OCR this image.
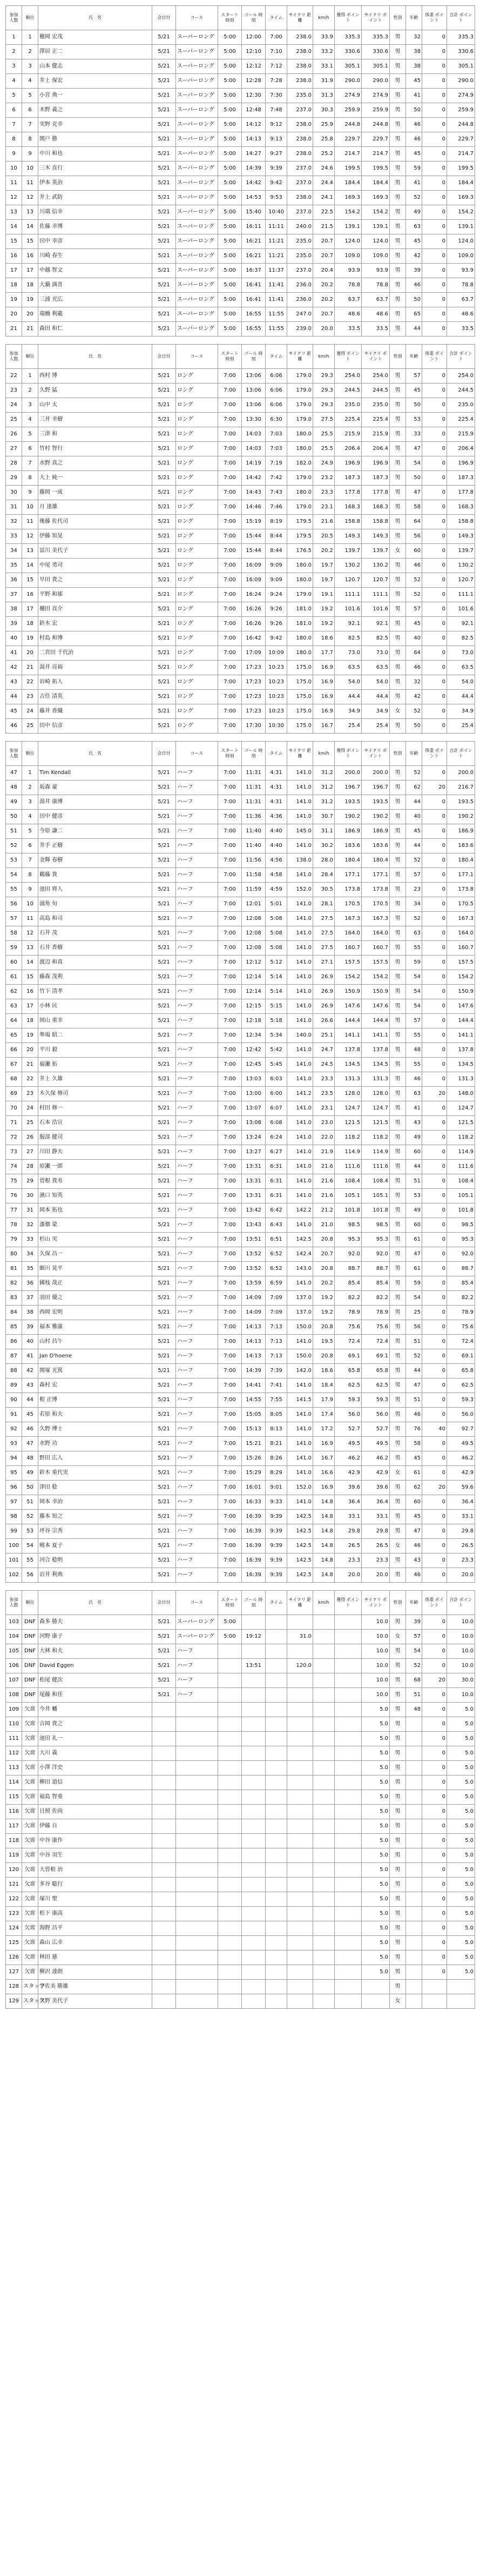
参加 人数	順位	氏　名	会日付	コース	スタート 時刻	ゴール 時刻	タイム	サイクリ 距離	km/h	獲得 ポイント	サイクリ ポイント	性別	年齢	体重 ポイント	合計 ポイント
1	1	穂岡 宏茂	5/21	スーパーロング	5:00	12:00	7:00	238.0	33.9	335.3	335.3	男	32	0	335.3
2	2	澤居 正二	5/21	スーパーロング	5:00	12:10	7:10	238.0	33.2	330.6	330.6	男	38	0	330.6
3	3	山本 健志	5/21	スーパーロング	5:00	12:12	7:12	238.0	33.1	305.1	305.1	男	38	0	305.1
4	4	井上 保宏	5/21	スーパーロング	5:00	12:28	7:28	238.0	31.9	290.0	290.0	男	45	0	290.0
5	5	小宮 典一	5/21	スーパーロング	5:00	12:30	7:30	235.0	31.3	274.9	274.9	男	41	0	274.9
6	6	木野 義之	5/21	スーパーロング	5:00	12:48	7:48	237.0	30.3	259.9	259.9	男	50	0	259.9
7	7	実野 克幸	5/21	スーパーロング	5:00	14:12	9:12	238.0	25.9	244.8	244.8	男	46	0	244.8
8	8	関戸 勝	5/21	スーパーロング	5:00	14:13	9:13	238.0	25.8	229.7	229.7	男	46	0	229.7
9	9	中川 和也	5/21	スーパーロング	5:00	14:27	9:27	238.0	25.2	214.7	214.7	男	45	0	214.7
10	10	三木 直行	5/21	スーパーロング	5:00	14:39	9:39	237.0	24.6	199.5	199.5	男	59	0	199.5
11	11	伊本 英治	5/21	スーパーロング	5:00	14:42	9:42	237.0	24.4	184.4	184.4	男	41	0	184.4
12	12	井上 武防	5/21	スーパーロング	5:00	14:53	9:53	238.0	24.1	169.3	169.3	男	52	0	169.3
13	13	川端 信幸	5/21	スーパーロング	5:00	15:40	10:40	237.0	22.5	154.2	154.2	男	49	0	154.2
14	14	佐藤 幸博	5/21	スーパーロング	5:00	16:11	11:11	240.0	21.5	139.1	139.1	男	63	0	139.1
15	15	田中 幸彦	5/21	スーパーロング	5:00	16:21	11:21	235.0	20.7	124.0	124.0	男	45	0	124.0
16	16	川崎 春生	5/21	スーパーロング	5:00	16:21	11:21	235.0	20.7	109.0	109.0	男	42	0	109.0
17	17	中越 智文	5/21	スーパーロング	5:00	16:37	11:37	237.0	20.4	93.9	93.9	男	39	0	93.9
18	18	大鍋 満喜	5/21	スーパーロング	5:00	16:41	11:41	236.0	20.2	78.8	78.8	男	46	0	78.8
19	19	三浦 光広	5/21	スーパーロング	5:00	16:41	11:41	236.0	20.2	63.7	63.7	男	50	0	63.7
20	20	端橋 利載	5/21	スーパーロング	5:00	16:55	11:55	247.0	20.7	48.6	48.6	男	65	0	48.6
21	21	森田 和仁	5/21	スーパーロング	5:00	16:55	11:55	239.0	20.0	33.5	33.5	男	44	0	33.5
参加 人数	順位	氏　名	会日付	コース	スタート 時刻	ゴール 時刻	タイム	サイクリ 距離	km/h	獲得 ポイント	サイクリ ポイント	性別	年齢	体重 ポイント	合計 ポイント
22	1	西村 博	5/21	ロング	7:00	13:06	6:06	179.0	29.3	254.0	254.0	男	57	0	254.0
23	2	久野 猛	5/21	ロング	7:00	13:06	6:06	179.0	29.3	244.5	244.5	男	45	0	244.5
24	3	山中 太	5/21	ロング	7:00	13:06	6:06	179.0	29.3	235.0	235.0	男	50	0	235.0
25	4	三井 幸樹	5/21	ロング	7:00	13:30	6:30	179.0	27.5	225.4	225.4	男	53	0	225.4
26	5	三津 和	5/21	ロング	7:00	14:03	7:03	180.0	25.5	215.9	215.9	男	33	0	215.9
27	6	竹村 智行	5/21	ロング	7:00	14:03	7:03	180.0	25.5	206.4	206.4	男	47	0	206.4
28	7	水野 真之	5/21	ロング	7:00	14:19	7:19	182.0	24.9	196.9	196.9	男	54	0	196.9
29	8	大上 純一	5/21	ロング	7:00	14:42	7:42	179.0	23.2	187.3	187.3	男	50	0	187.3
30	9	藤岡 一成	5/21	ロング	7:00	14:43	7:43	180.0	23.3	177.8	177.8	男	47	0	177.8
31	10	月 達雄	5/21	ロング	7:00	14:46	7:46	179.0	23.1	168.3	168.3	男	58	0	168.3
32	11	後藤 佐代司	5/21	ロング	7:00	15:19	8:19	179.5	21.6	158.8	158.8	男	64	0	158.8
33	12	伊藤 知晃	5/21	ロング	7:00	15:44	8:44	179.5	20.5	149.3	149.3	男	56	0	149.3
34	13	冨川 美代子	5/21	ロング	7:00	15:44	8:44	176.5	20.2	139.7	139.7	女	60	0	139.7
35	14	中尾 勇司	5/21	ロング	7:00	16:09	9:09	180.0	19.7	130.2	130.2	男	46	0	130.2
36	15	早田 貴之	5/21	ロング	7:00	16:09	9:09	180.0	19.7	120.7	120.7	男	52	0	120.7
37	16	平野 和郁	5/21	ロング	7:00	16:24	9:24	179.0	19.1	111.1	111.1	男	52	0	111.1
38	17	樋田 直介	5/21	ロング	7:00	16:26	9:26	181.0	19.2	101.6	101.6	男	57	0	101.6
39	18	鈴木 宏	5/21	ロング	7:00	16:26	9:26	181.0	19.2	92.1	92.1	男	45	0	92.1
40	19	村島 和博	5/21	ロング	7:00	16:42	9:42	180.0	18.6	82.5	82.5	男	40	0	82.5
41	20	二宮田 千代治	5/21	ロング	7:00	17:09	10:09	180.0	17.7	73.0	73.0	男	64	0	73.0
42	21	湯井 亮裕	5/21	ロング	7:00	17:23	10:23	175.0	16.9	63.5	63.5	男	46	0	63.5
43	22	岩崎 拓人	5/21	ロング	7:00	17:23	10:23	175.0	16.9	54.0	54.0	男	32	0	54.0
44	23	吉住 清英	5/21	ロング	7:00	17:23	10:23	175.0	16.9	44.4	44.4	男	42	0	44.4
45	24	藤井 香織	5/21	ロング	7:00	17:23	10:23	175.0	16.9	34.9	34.9	女	52	0	34.9
46	25	田中 信彦	5/21	ロング	7:00	17:30	10:30	175.0	16.7	25.4	25.4	男	50	0	25.4
参加 人数	順位	氏　名	会日付	コース	スタート 時刻	ゴール 時刻	タイム	サイクリ 距離	km/h	獲得 ポイント	サイクリ ポイント	性別	年齢	体重 ポイント	合計 ポイント
47	1	Tim Kendall	5/21	ハーフ	7:00	11:31	4:31	141.0	31.2	200.0	200.0	男	52	0	200.0
48	2	坂森 豪	5/21	ハーフ	7:00	11:31	4:31	141.0	31.2	196.7	196.7	男	62	20	216.7
49	3	湯井 康博	5/21	ハーフ	7:00	11:31	4:31	141.0	31.2	193.5	193.5	男	44	0	193.5
50	4	田中 健彦	5/21	ハーフ	7:00	11:36	4:36	141.0	30.7	190.2	190.2	男	40	0	190.2
51	5	今原 謙二	5/21	ハーフ	7:00	11:40	4:40	145.0	31.1	186.9	186.9	男	45	0	186.9
52	6	井手 正樹	5/21	ハーフ	7:00	11:40	4:40	141.0	30.2	183.6	183.6	男	44	0	183.6
53	7	金輝 春樹	5/21	ハーフ	7:00	11:56	4:56	138.0	28.0	180.4	180.4	男	52	0	180.4
54	8	鵜藤 貴	5/21	ハーフ	7:00	11:58	4:58	141.0	28.4	177.1	177.1	男	57	0	177.1
55	9	池田 将人	5/21	ハーフ	7:00	11:59	4:59	152.0	30.5	173.8	173.8	男	23	0	173.8
56	10	浦角 旬	5/21	ハーフ	7:00	12:01	5:01	141.0	28.1	170.5	170.5	男	34	0	170.5
57	11	高島 和司	5/21	ハーフ	7:00	12:08	5:08	141.0	27.5	167.3	167.3	男	52	0	167.3
58	12	石井 茂	5/21	ハーフ	7:00	12:08	5:08	141.0	27.5	164.0	164.0	男	63	0	164.0
59	13	石井 香樹	5/21	ハーフ	7:00	12:08	5:08	141.0	27.5	160.7	160.7	男	55	0	160.7
60	14	渡辺 和真	5/21	ハーフ	7:00	12:12	5:12	141.0	27.1	157.5	157.5	男	59	0	157.5
61	15	藤森 茂利	5/21	ハーフ	7:00	12:14	5:14	141.0	26.9	154.2	154.2	男	54	0	154.2
62	16	竹下 清孝	5/21	ハーフ	7:00	12:14	5:14	141.0	26.9	150.9	150.9	男	54	0	150.9
63	17	小林 民	5/21	ハーフ	7:00	12:15	5:15	141.0	26.9	147.6	147.6	男	54	0	147.6
64	18	岡山 重幸	5/21	ハーフ	7:00	12:18	5:18	141.0	26.6	144.4	144.4	男	57	0	144.4
65	19	準場 昭二	5/21	ハーフ	7:00	12:34	5:34	140.0	25.1	141.1	141.1	男	55	0	141.1
66	20	平川 毅	5/21	ハーフ	7:00	12:42	5:42	141.0	24.7	137.8	137.8	男	48	0	137.8
67	21	福瀬 拓	5/21	ハーフ	7:00	12:45	5:45	141.0	24.5	134.5	134.5	男	55	0	134.5
68	22	井上 久雄	5/21	ハーフ	7:00	13:03	6:03	141.0	23.3	131.3	131.3	男	46	0	131.3
69	23	木久保 修司	5/21	ハーフ	7:00	13:00	6:00	141.2	23.5	128.0	128.0	男	63	20	148.0
70	24	村田 修一	5/21	ハーフ	7:00	13:07	6:07	141.0	23.1	124.7	124.7	男	41	0	124.7
71	25	石本 浩宣	5/21	ハーフ	7:00	13:08	6:08	141.0	23.0	121.5	121.5	男	43	0	121.5
72	26	服部 健司	5/21	ハーフ	7:00	13:24	6:24	141.0	22.0	118.2	118.2	男	49	0	118.2
73	27	川田 静夫	5/21	ハーフ	7:00	13:27	6:27	141.0	21.9	114.9	114.9	男	60	0	114.9
74	28	原瀬 一郎	5/21	ハーフ	7:00	13:31	6:31	141.0	21.6	111.6	111.6	男	44	0	111.6
75	29	曽根 貴寿	5/21	ハーフ	7:00	13:31	6:31	141.0	21.6	108.4	108.4	男	51	0	108.4
76	30	濱口 知英	5/21	ハーフ	7:00	13:31	6:31	141.0	21.6	105.1	105.1	男	53	0	105.1
77	31	岡本 拓也	5/21	ハーフ	7:00	13:42	6:42	142.2	21.2	101.8	101.8	男	49	0	101.8
78	32	漆畑 蒙	5/21	ハーフ	7:00	13:43	6:43	141.0	21.0	98.5	98.5	男	60	0	98.5
79	33	杉山 実	5/21	ハーフ	7:00	13:51	6:51	142.5	20.8	95.3	95.3	男	61	0	95.3
80	34	久保 昌一	5/21	ハーフ	7:00	13:52	6:52	142.4	20.7	92.0	92.0	男	47	0	92.0
81	35	細川 晃平	5/21	ハーフ	7:00	13:52	6:52	143.0	20.8	88.7	88.7	男	61	0	88.7
82	36	國枝 哉正	5/21	ハーフ	7:00	13:59	6:59	141.0	20.2	85.4	85.4	男	59	0	85.4
83	37	羽田 優之	5/21	ハーフ	7:00	14:09	7:09	137.0	19.2	82.2	82.2	男	54	0	82.2
84	38	西岡 宏明	5/21	ハーフ	7:00	14:09	7:09	137.0	19.2	78.9	78.9	男	25	0	78.9
85	39	福本 雅康	5/21	ハーフ	7:00	14:13	7:13	150.0	20.8	75.6	75.6	男	56	0	75.6
86	40	山村 昌午	5/21	ハーフ	7:00	14:13	7:13	141.0	19.5	72.4	72.4	男	51	0	72.4
87	41	Jan D'hoene	5/21	ハーフ	7:00	14:13	7:13	150.0	20.8	69.1	69.1	男	52	0	69.1
88	42	関塚 光篤	5/21	ハーフ	7:00	14:39	7:39	142.0	18.6	65.8	65.8	男	44	0	65.8
89	43	森村 宏	5/21	ハーフ	7:00	14:41	7:41	141.0	18.4	62.5	62.5	男	47	0	62.5
90	44	根 正博	5/21	ハーフ	7:00	14:55	7:55	141.5	17.9	59.3	59.3	男	51	0	59.3
91	45	若原 和夫	5/21	ハーフ	7:00	15:05	8:05	141.0	17.4	56.0	56.0	男	46	0	56.0
92	46	久野 博士	5/21	ハーフ	7:00	15:13	8:13	141.0	17.2	52.7	52.7	男	76	40	92.7
93	47	水野 功	5/21	ハーフ	7:00	15:21	8:21	141.0	16.9	49.5	49.5	男	58	0	49.5
94	48	野田 広人	5/21	ハーフ	7:00	15:26	8:26	141.0	16.7	46.2	46.2	男	45	0	46.2
95	49	鈴木 重代実	5/21	ハーフ	7:00	15:29	8:29	141.0	16.6	42.9	42.9	女	61	0	42.9
96	50	津田 稔	5/21	ハーフ	7:00	16:01	9:01	152.0	16.9	39.6	39.6	男	62	20	59.6
97	51	岡本 幸治	5/21	ハーフ	7:00	16:33	9:33	141.0	14.8	36.4	36.4	男	60	0	36.4
98	52	藤本 知之	5/21	ハーフ	7:00	16:39	9:39	142.5	14.8	33.1	33.1	男	45	0	33.1
99	53	坪谷 宗秀	5/21	ハーフ	7:00	16:39	9:39	142.5	14.8	29.8	29.8	男	47	0	29.8
100	54	曉本 夏子	5/21	ハーフ	7:00	16:39	9:39	142.5	14.8	26.5	26.5	女	46	0	26.5
101	55	河合 稔明	5/21	ハーフ	7:00	16:39	9:39	142.5	14.8	23.3	23.3	男	43	0	23.3
102	56	岩井 利典	5/21	ハーフ	7:00	16:39	9:39	142.5	14.8	20.0	20.0	男	46	0	20.0
参加 人数	順位	氏　名	会日付	コース	スタート 時刻	ゴール 時刻	タイム	サイクリ 距離	km/h	獲得 ポイント	サイクリ ポイント	性別	年齢	体重 ポイント	合計 ポイント
103	DNF	森多 勝夫	5/21	スーパーロング	5:00						10.0	男	39	0	10.0
104	DNF	河野 康子	5/21	スーパーロング	5:00	19:12		31.0			10.0	女	57	0	10.0
105	DNF	大林 和夫	5/21	ハーフ							10.0	男	54	0	10.0
106	DNF	David Eggen	5/21	ハーフ		13:51		120.0			10.0	男	52	0	10.0
107	DNF	松尾 健次	5/21	ハーフ							10.0	男	68	20	30.0
108	DNF	尾藤 和佳	5/21	ハーフ							10.0	男	51	0	10.0
109	欠席	今井 幡									5.0	男	48	0	5.0
110	欠席	吉岡 貴之									5.0	男		0	5.0
111	欠席	池田 礼一									5.0	男		0	5.0
112	欠席	大川 義									5.0	男		0	5.0
113	欠席	小澤 洋史									5.0	男		0	5.0
114	欠席	柳田 道信									5.0	男		0	5.0
115	欠席	福島 智重									5.0	男		0	5.0
116	欠席	日照 佐尚									5.0	男		0	5.0
117	欠席	伊藤 自									5.0	男		0	5.0
118	欠席	中谷 康作									5.0	男		0	5.0
119	欠席	中谷 羽生									5.0	男		0	5.0
120	欠席	大曽根 治									5.0	男		0	5.0
121	欠席	多谷 聡行									5.0	男		0	5.0
122	欠席	塚川 聖									5.0	男		0	5.0
123	欠席	松下 康高									5.0	男		0	5.0
124	欠席	海野 昌平									5.0	男		0	5.0
125	欠席	森山 広幸									5.0	男		0	5.0
126	欠席	林田 慈									5.0	男		0	5.0
127	欠席	柳沢 達朗									5.0	男		0	5.0
128	スタッフ	宇佐美 勝雄										男			
129	スタッフ	久野 美代子										女			
